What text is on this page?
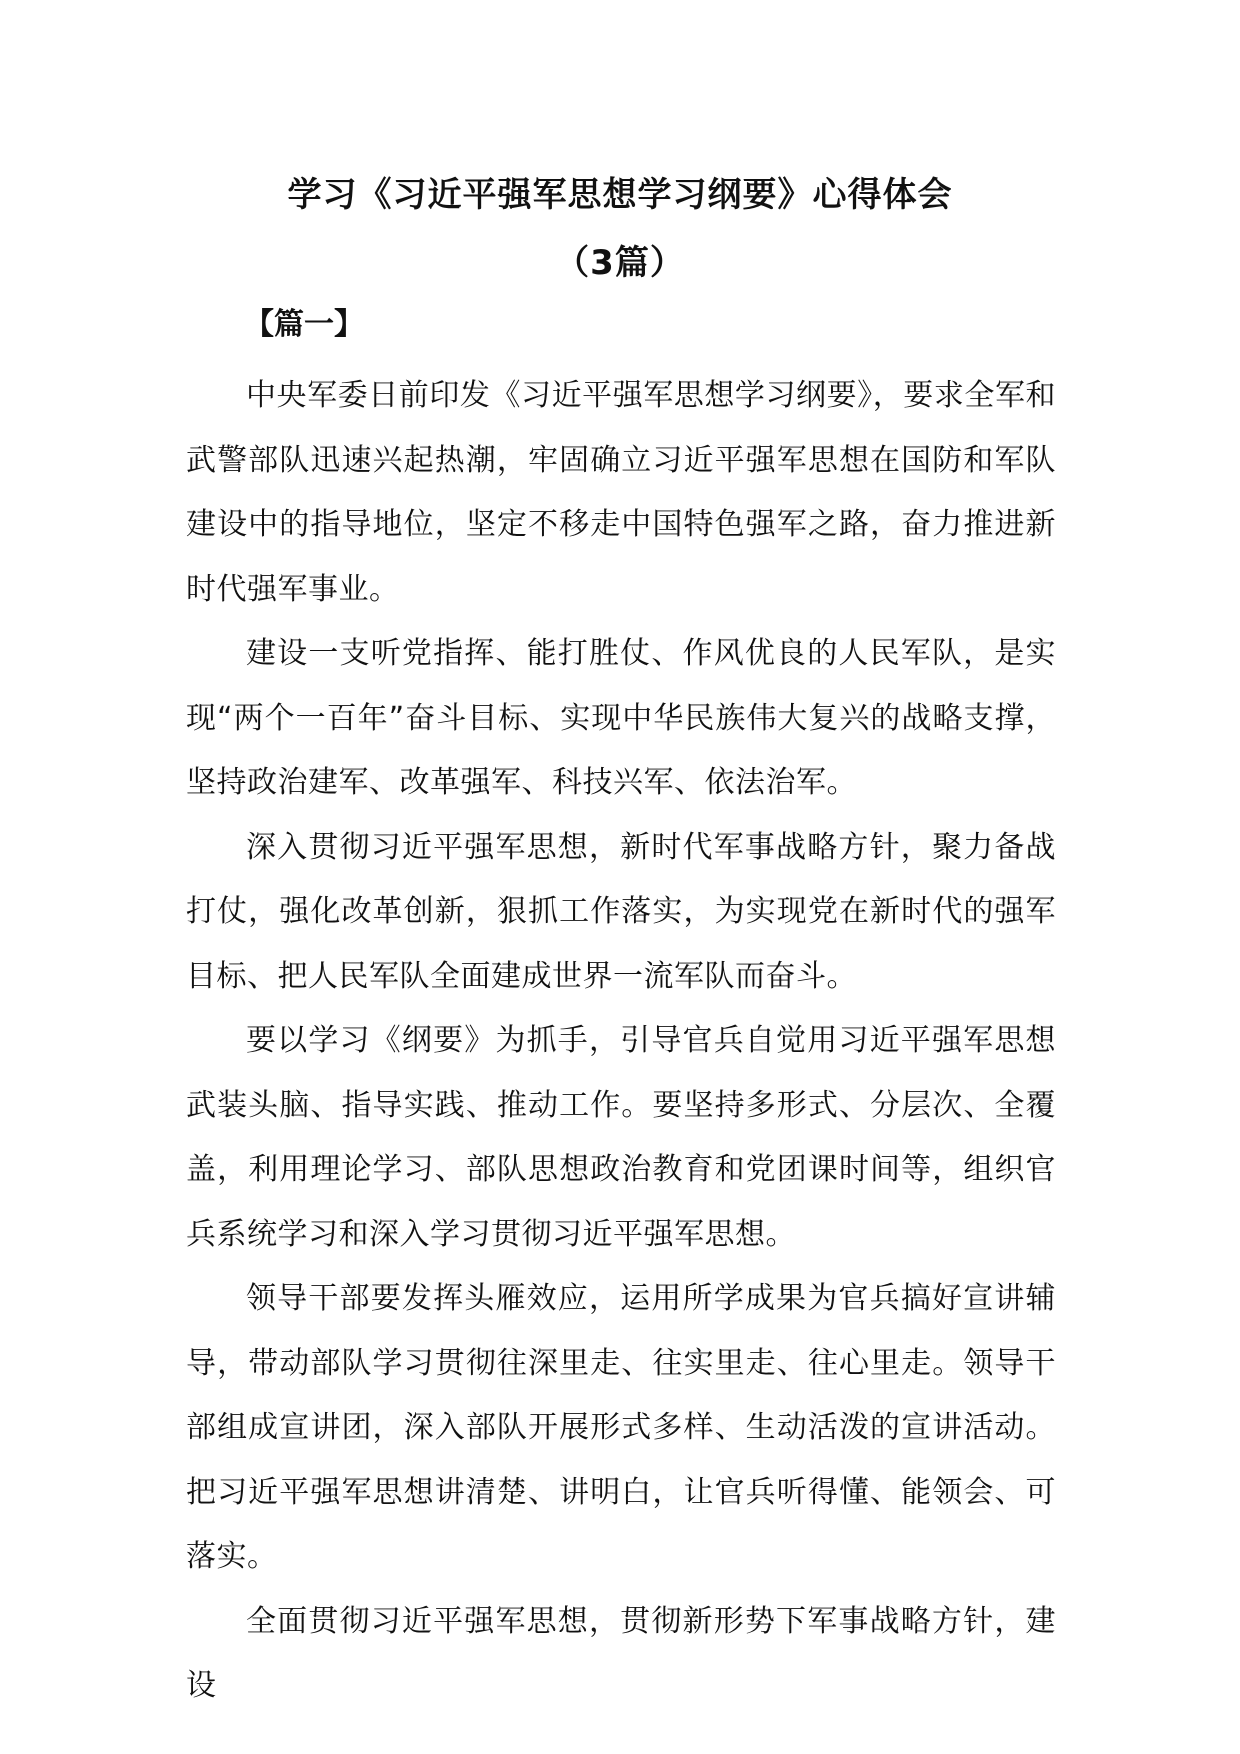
学习《习近平强军思想学习纲要》心得体会
（3篇）
【篇一】

中央军委日前印发《习近平强军思想学习纲要》，要求全军和武警部队迅速兴起热潮，牢固确立习近平强军思想在国防和军队建设中的指导地位，坚定不移走中国特色强军之路，奋力推进新时代强军事业。

建设一支听党指挥、能打胜仗、作风优良的人民军队，是实现“两个一百年”奋斗目标、实现中华民族伟大复兴的战略支撑，坚持政治建军、改革强军、科技兴军、依法治军。

深入贯彻习近平强军思想，新时代军事战略方针，聚力备战打仗，强化改革创新，狠抓工作落实，为实现党在新时代的强军目标、把人民军队全面建成世界一流军队而奋斗。

要以学习《纲要》为抓手，引导官兵自觉用习近平强军思想武装头脑、指导实践、推动工作。要坚持多形式、分层次、全覆盖，利用理论学习、部队思想政治教育和党团课时间等，组织官兵系统学习和深入学习贯彻习近平强军思想。

领导干部要发挥头雁效应，运用所学成果为官兵搞好宣讲辅导，带动部队学习贯彻往深里走、往实里走、往心里走。领导干部组成宣讲团，深入部队开展形式多样、生动活泼的宣讲活动。把习近平强军思想讲清楚、讲明白，让官兵听得懂、能领会、可落实。

全面贯彻习近平强军思想，贯彻新形势下军事战略方针，建设
